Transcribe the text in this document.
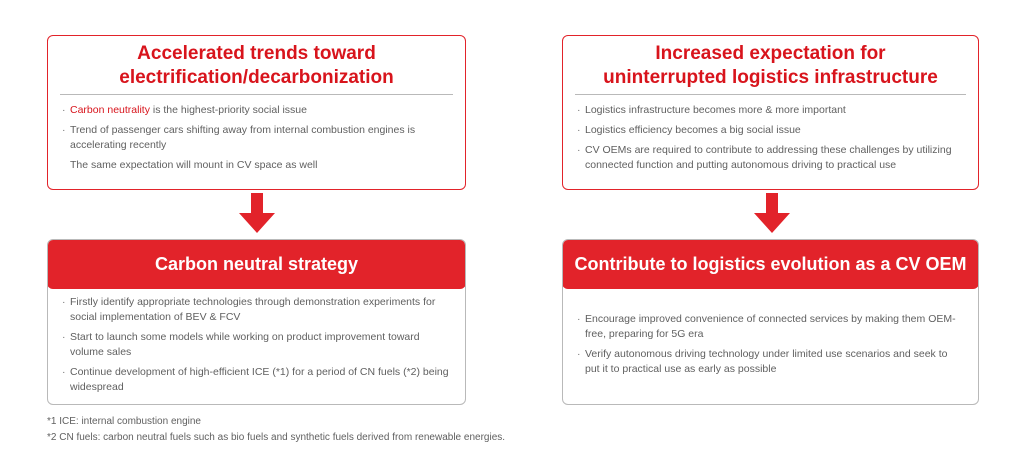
Accelerated trends toward
electrification/decarbonization
· Carbon neutrality is the highest-priority social issue
· Trend of passenger cars shifting away from internal combustion engines is accelerating recently
The same expectation will mount in CV space as well
Carbon neutral strategy
· Firstly identify appropriate technologies through demonstration experiments for social implementation of BEV & FCV
· Start to launch some models while working on product improvement toward volume sales
· Continue development of high-efficient ICE (*1) for a period of CN fuels (*2) being widespread
Increased expectation for
uninterrupted logistics infrastructure
· Logistics infrastructure becomes more & more important
· Logistics efficiency becomes a big social issue
· CV OEMs are required to contribute to addressing these challenges by utilizing connected function and putting autonomous driving to practical use
Contribute to logistics evolution as a CV OEM
· Encourage improved convenience of connected services by making them OEM-free, preparing for 5G era
· Verify autonomous driving technology under limited use scenarios and seek to put it to practical use as early as possible
*1 ICE: internal combustion engine
*2 CN fuels: carbon neutral fuels such as bio fuels and synthetic fuels derived from renewable energies.
